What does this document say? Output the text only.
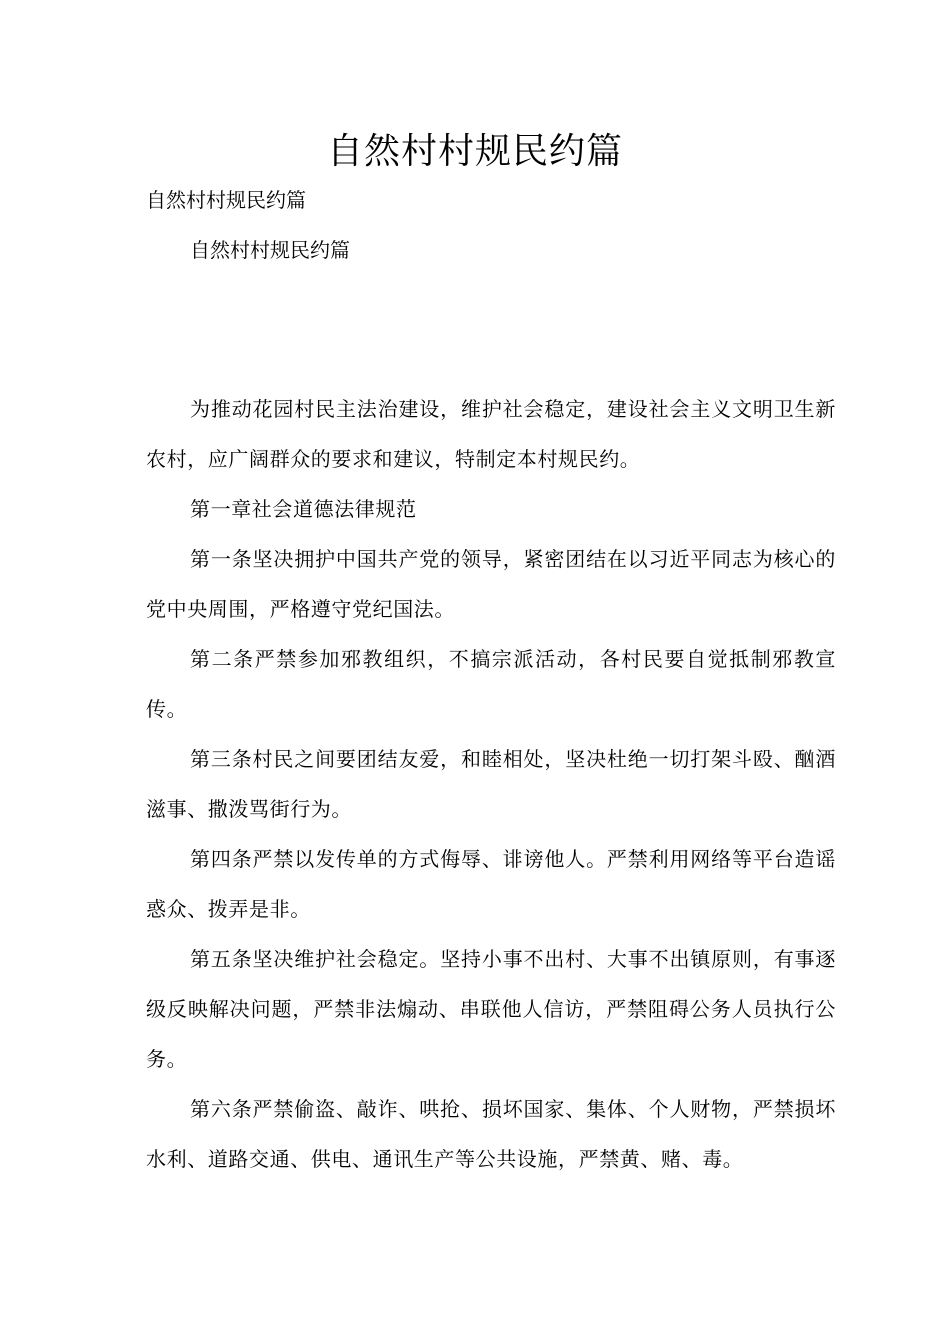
自然村村规民约篇
自然村村规民约篇
自然村村规民约篇

为推动花园村民主法治建设，维护社会稳定，建设社会主义文明卫生新农村，应广阔群众的要求和建议，特制定本村规民约。

第一章社会道德法律规范

第一条坚决拥护中国共产党的领导，紧密团结在以习近平同志为核心的党中央周围，严格遵守党纪国法。

第二条严禁参加邪教组织，不搞宗派活动，各村民要自觉抵制邪教宣传。

第三条村民之间要团结友爱，和睦相处，坚决杜绝一切打架斗殴、酗酒滋事、撒泼骂街行为。

第四条严禁以发传单的方式侮辱、诽谤他人。严禁利用网络等平台造谣惑众、拨弄是非。

第五条坚决维护社会稳定。坚持小事不出村、大事不出镇原则，有事逐级反映解决问题，严禁非法煽动、串联他人信访，严禁阻碍公务人员执行公务。

第六条严禁偷盗、敲诈、哄抢、损坏国家、集体、个人财物，严禁损坏水利、道路交通、供电、通讯生产等公共设施，严禁黄、赌、毒。
